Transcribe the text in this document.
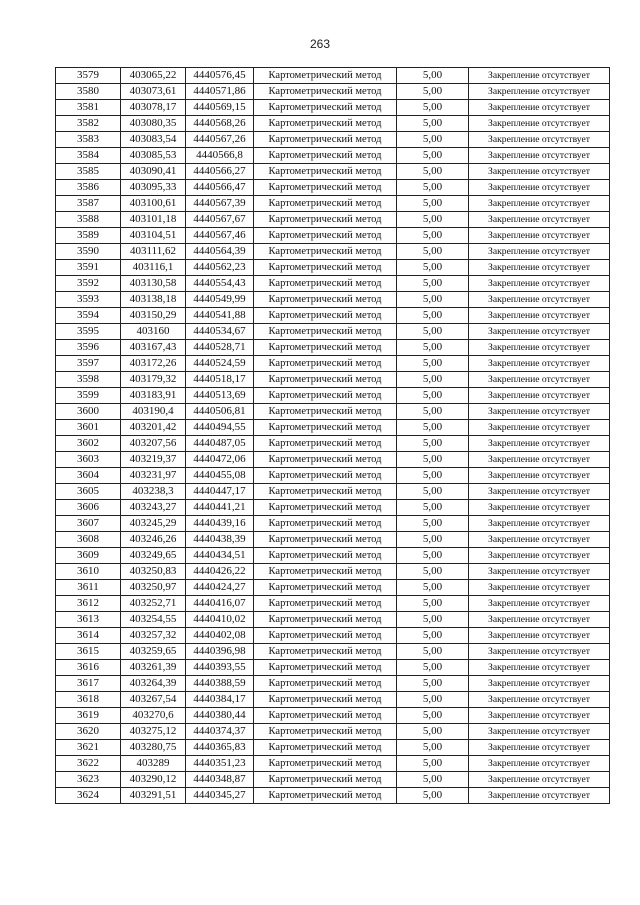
263
3579	403065,22	4440576,45	Картометрический метод	5,00	Закрепление отсутствует
3580	403073,61	4440571,86	Картометрический метод	5,00	Закрепление отсутствует
3581	403078,17	4440569,15	Картометрический метод	5,00	Закрепление отсутствует
3582	403080,35	4440568,26	Картометрический метод	5,00	Закрепление отсутствует
3583	403083,54	4440567,26	Картометрический метод	5,00	Закрепление отсутствует
3584	403085,53	4440566,8	Картометрический метод	5,00	Закрепление отсутствует
3585	403090,41	4440566,27	Картометрический метод	5,00	Закрепление отсутствует
3586	403095,33	4440566,47	Картометрический метод	5,00	Закрепление отсутствует
3587	403100,61	4440567,39	Картометрический метод	5,00	Закрепление отсутствует
3588	403101,18	4440567,67	Картометрический метод	5,00	Закрепление отсутствует
3589	403104,51	4440567,46	Картометрический метод	5,00	Закрепление отсутствует
3590	403111,62	4440564,39	Картометрический метод	5,00	Закрепление отсутствует
3591	403116,1	4440562,23	Картометрический метод	5,00	Закрепление отсутствует
3592	403130,58	4440554,43	Картометрический метод	5,00	Закрепление отсутствует
3593	403138,18	4440549,99	Картометрический метод	5,00	Закрепление отсутствует
3594	403150,29	4440541,88	Картометрический метод	5,00	Закрепление отсутствует
3595	403160	4440534,67	Картометрический метод	5,00	Закрепление отсутствует
3596	403167,43	4440528,71	Картометрический метод	5,00	Закрепление отсутствует
3597	403172,26	4440524,59	Картометрический метод	5,00	Закрепление отсутствует
3598	403179,32	4440518,17	Картометрический метод	5,00	Закрепление отсутствует
3599	403183,91	4440513,69	Картометрический метод	5,00	Закрепление отсутствует
3600	403190,4	4440506,81	Картометрический метод	5,00	Закрепление отсутствует
3601	403201,42	4440494,55	Картометрический метод	5,00	Закрепление отсутствует
3602	403207,56	4440487,05	Картометрический метод	5,00	Закрепление отсутствует
3603	403219,37	4440472,06	Картометрический метод	5,00	Закрепление отсутствует
3604	403231,97	4440455,08	Картометрический метод	5,00	Закрепление отсутствует
3605	403238,3	4440447,17	Картометрический метод	5,00	Закрепление отсутствует
3606	403243,27	4440441,21	Картометрический метод	5,00	Закрепление отсутствует
3607	403245,29	4440439,16	Картометрический метод	5,00	Закрепление отсутствует
3608	403246,26	4440438,39	Картометрический метод	5,00	Закрепление отсутствует
3609	403249,65	4440434,51	Картометрический метод	5,00	Закрепление отсутствует
3610	403250,83	4440426,22	Картометрический метод	5,00	Закрепление отсутствует
3611	403250,97	4440424,27	Картометрический метод	5,00	Закрепление отсутствует
3612	403252,71	4440416,07	Картометрический метод	5,00	Закрепление отсутствует
3613	403254,55	4440410,02	Картометрический метод	5,00	Закрепление отсутствует
3614	403257,32	4440402,08	Картометрический метод	5,00	Закрепление отсутствует
3615	403259,65	4440396,98	Картометрический метод	5,00	Закрепление отсутствует
3616	403261,39	4440393,55	Картометрический метод	5,00	Закрепление отсутствует
3617	403264,39	4440388,59	Картометрический метод	5,00	Закрепление отсутствует
3618	403267,54	4440384,17	Картометрический метод	5,00	Закрепление отсутствует
3619	403270,6	4440380,44	Картометрический метод	5,00	Закрепление отсутствует
3620	403275,12	4440374,37	Картометрический метод	5,00	Закрепление отсутствует
3621	403280,75	4440365,83	Картометрический метод	5,00	Закрепление отсутствует
3622	403289	4440351,23	Картометрический метод	5,00	Закрепление отсутствует
3623	403290,12	4440348,87	Картометрический метод	5,00	Закрепление отсутствует
3624	403291,51	4440345,27	Картометрический метод	5,00	Закрепление отсутствует
